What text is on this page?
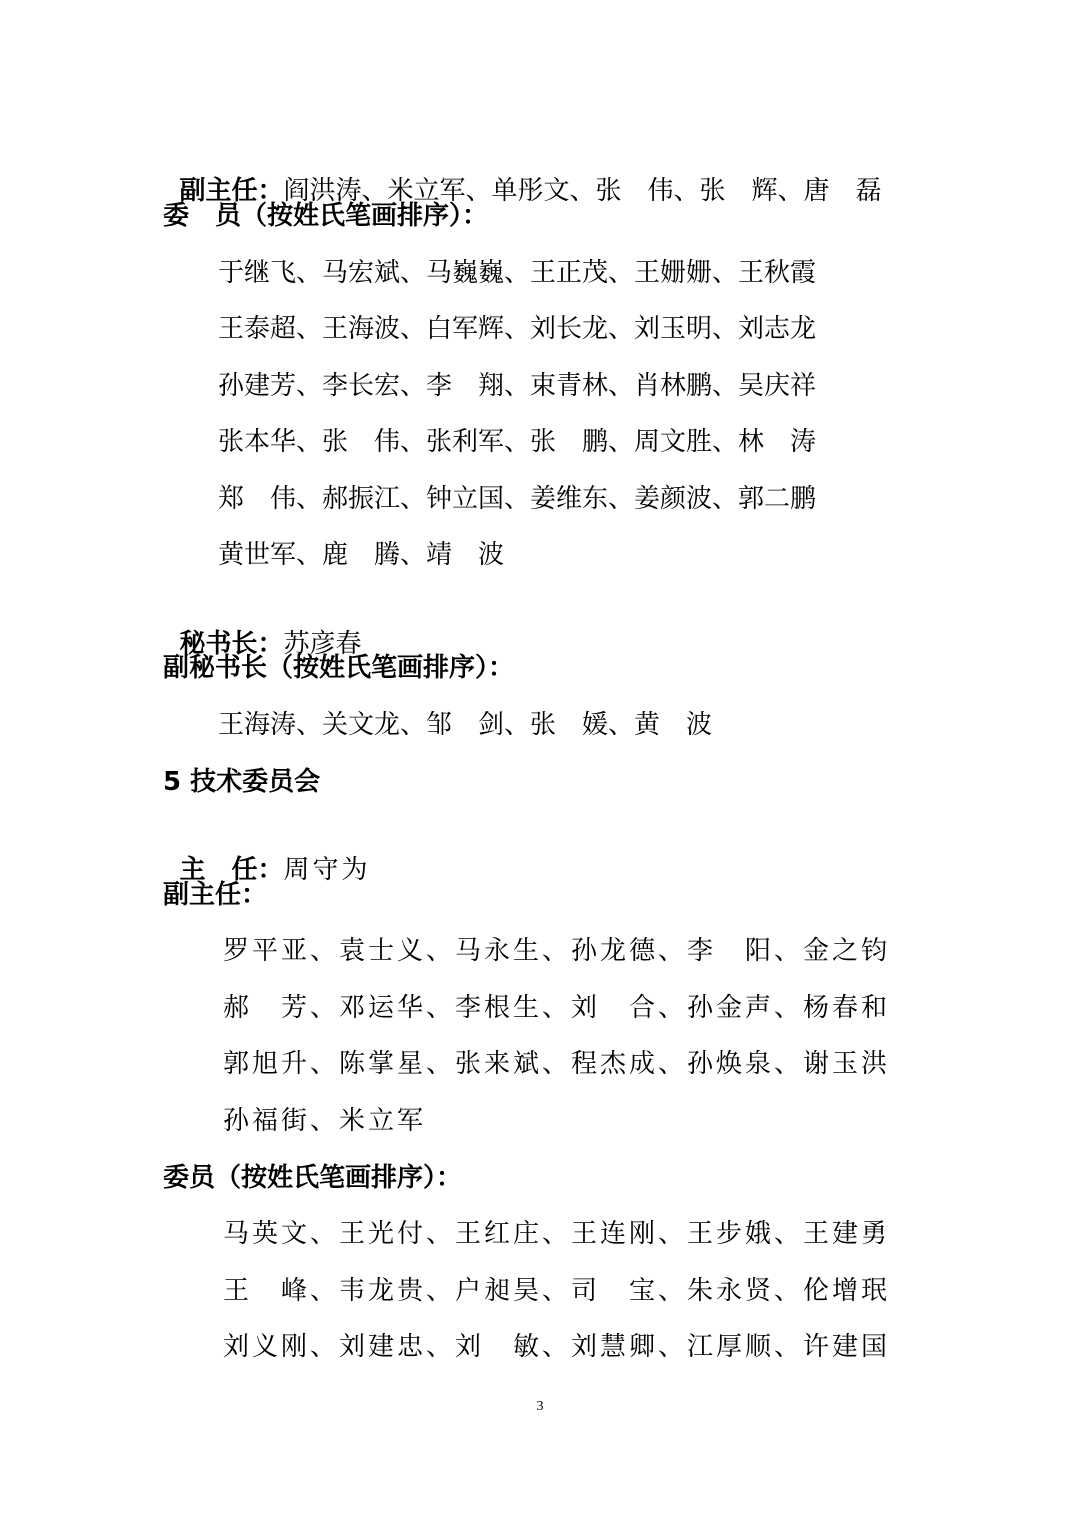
副主任：阎洪涛、米立军、单彤文、张　伟、张　辉、唐　磊

委　员（按姓氏笔画排序）：
于继飞、马宏斌、马巍巍、王正茂、王姗姗、王秋霞
王泰超、王海波、白军辉、刘长龙、刘玉明、刘志龙
孙建芳、李长宏、李　翔、束青林、肖林鹏、吴庆祥
张本华、张　伟、张利军、张　鹏、周文胜、林　涛
郑　伟、郝振江、钟立国、姜维东、姜颜波、郭二鹏
黄世军、鹿　腾、靖　波

秘书长：苏彦春

副秘书长（按姓氏笔画排序）：
王海涛、关文龙、邹　剑、张　媛、黄　波
5 技术委员会

主　任：周守为

副主任：
罗平亚、袁士义、马永生、孙龙德、李　阳、金之钧
郝　芳、邓运华、李根生、刘　合、孙金声、杨春和
郭旭升、陈掌星、张来斌、程杰成、孙焕泉、谢玉洪
孙福街、米立军
委员（按姓氏笔画排序）：
马英文、王光付、王红庄、王连刚、王步娥、王建勇
王　峰、韦龙贵、户昶昊、司　宝、朱永贤、伦增珉
刘义刚、刘建忠、刘　敏、刘慧卿、江厚顺、许建国
3
